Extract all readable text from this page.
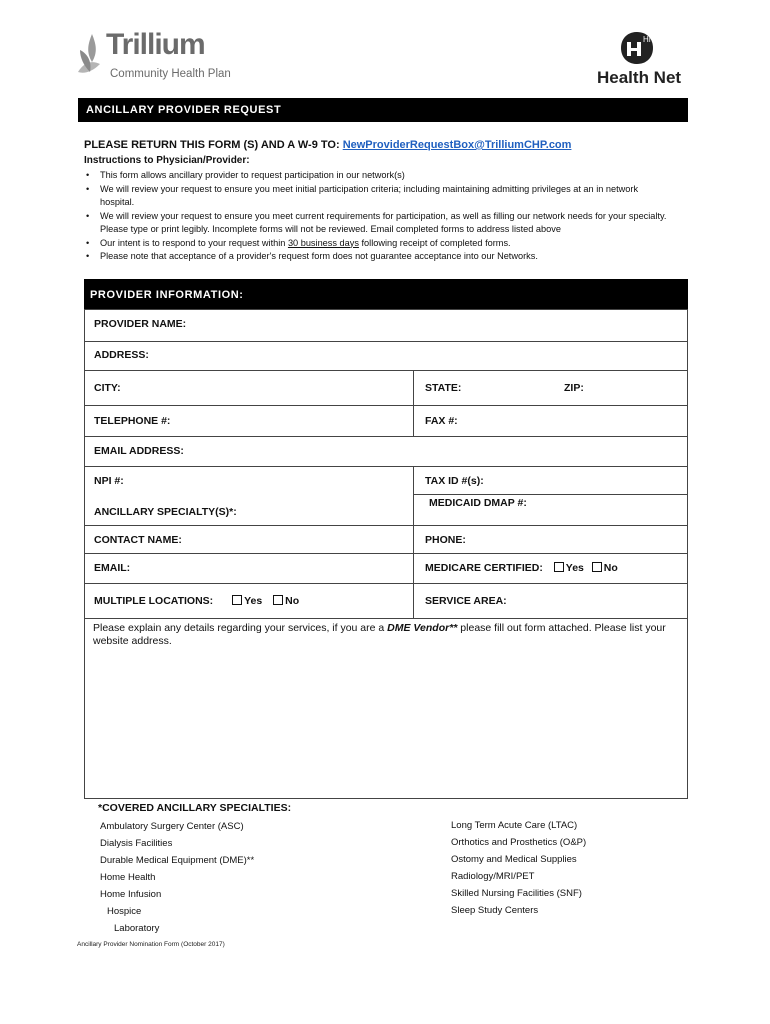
Trillium
Community Health Plan
HN
Health Net
ANCILLARY PROVIDER REQUEST
PLEASE RETURN THIS FORM (S) AND A W-9 TO: NewProviderRequestBox@TrilliumCHP.com
Instructions to Physician/Provider:
• This form allows ancillary provider to request participation in our network(s)
• We will review your request to ensure you meet initial participation criteria; including maintaining admitting privileges at an in network hospital.
• We will review your request to ensure you meet current requirements for participation, as well as filling our network needs for your specialty. Please type or print legibly. Incomplete forms will not be reviewed. Email completed forms to address listed above
• Our intent is to respond to your request within 30 business days following receipt of completed forms.
• Please note that acceptance of a provider's request form does not guarantee acceptance into our Networks.
PROVIDER INFORMATION:
PROVIDER NAME:
ADDRESS:
CITY:	STATE:	ZIP:
TELEPHONE #:	FAX #:
EMAIL ADDRESS:
NPI #:	TAX ID #(s):
MEDICAID DMAP #:
ANCILLARY SPECIALTY(S)*:
CONTACT NAME:	PHONE:
EMAIL:	MEDICARE CERTIFIED: Yes No
MULTIPLE LOCATIONS:	Yes No	SERVICE AREA:
Please explain any details regarding your services, if you are a DME Vendor** please fill out form attached. Please list your website address.
*COVERED ANCILLARY SPECIALTIES:
Ambulatory Surgery Center (ASC)
Dialysis Facilities
Durable Medical Equipment (DME)**
Home Health
Home Infusion
Hospice
Laboratory
Long Term Acute Care (LTAC)
Orthotics and Prosthetics (O&P)
Ostomy and Medical Supplies
Radiology/MRI/PET
Skilled Nursing Facilities (SNF)
Sleep Study Centers
Ancillary Provider Nomination Form (October 2017)
